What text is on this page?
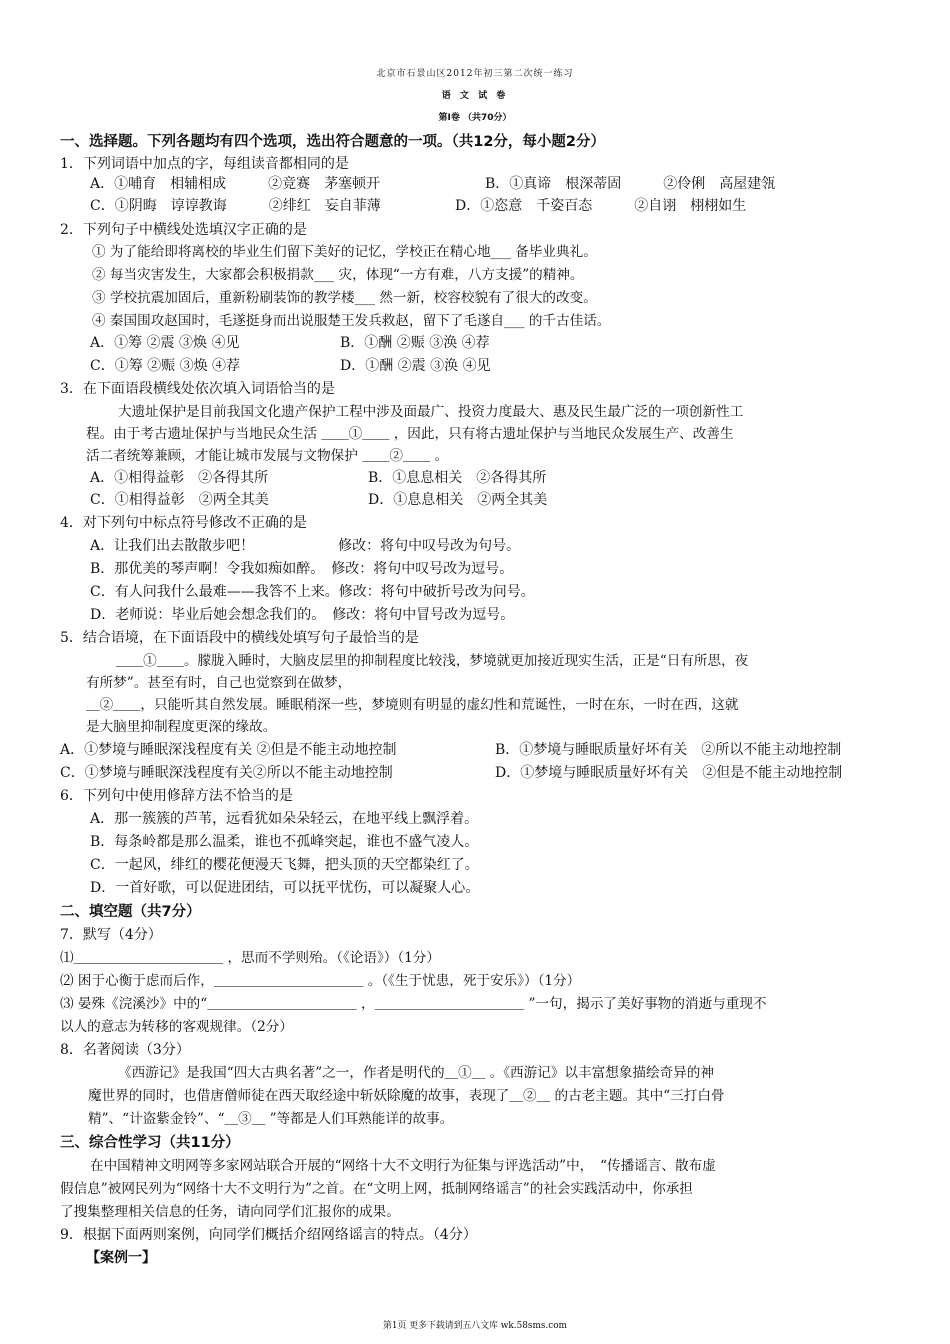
北京市石景山区2012年初三第二次统一练习
语 文 试 卷
第Ⅰ卷 （共70分）
一、选择题。下列各题均有四个选项，选出符合题意的一项。（共12分，每小题2分）
1．下列词语中加点的字，每组读音都相同的是
A．①哺育　相辅相成　　　②竞赛　茅塞顿开	B．①真谛　根深蒂固　　　②伶俐　高屋建瓴
C．①阴晦　谆谆教诲　　　②绯红　妄自菲薄	D．①恣意　千姿百态　　　②自诩　栩栩如生
2．下列句子中横线处选填汉字正确的是
① 为了能给即将离校的毕业生们留下美好的记忆，学校正在精心地___ 备毕业典礼。
② 每当灾害发生，大家都会积极捐款___ 灾，体现“一方有难，八方支援”的精神。
③ 学校抗震加固后，重新粉刷装饰的教学楼___ 然一新，校容校貌有了很大的改变。
④ 秦国围攻赵国时，毛遂挺身而出说服楚王发兵救赵，留下了毛遂自___ 的千古佳话。
A．①筹 ②震 ③焕 ④见	B．①酬 ②赈 ③涣 ④荐
C．①筹 ②赈 ③焕 ④荐	D．①酬 ②震 ③涣 ④见
3．在下面语段横线处依次填入词语恰当的是
大遗址保护是目前我国文化遗产保护工程中涉及面最广、投资力度最大、惠及民生最广泛的一项创新性工
程。由于考古遗址保护与当地民众生活 ＿＿①＿＿ ，因此，只有将古遗址保护与当地民众发展生产、改善生
活二者统筹兼顾，才能让城市发展与文物保护 ＿＿②＿＿ 。
A．①相得益彰　②各得其所	B．①息息相关　②各得其所
C．①相得益彰　②两全其美	D．①息息相关　②两全其美
4．对下列句中标点符号修改不正确的是
A．让我们出去散散步吧！　　　　　　修改：将句中叹号改为句号。
B．那优美的琴声啊！令我如痴如醉。　修改：将句中叹号改为逗号。
C．有人问我什么最难——我答不上来。修改：将句中破折号改为问号。
D．老师说：毕业后她会想念我们的。　修改：将句中冒号改为逗号。
5．结合语境，在下面语段中的横线处填写句子最恰当的是
＿＿①＿＿。朦胧入睡时，大脑皮层里的抑制程度比较浅，梦境就更加接近现实生活，正是“日有所思，夜
有所梦”。甚至有时，自己也觉察到在做梦，
＿②＿＿，只能听其自然发展。睡眠稍深一些，梦境则有明显的虚幻性和荒诞性，一时在东，一时在西，这就
是大脑里抑制程度更深的缘故。
A．①梦境与睡眠深浅程度有关 ②但是不能主动地控制	B．①梦境与睡眠质量好坏有关　②所以不能主动地控制
C．①梦境与睡眠深浅程度有关②所以不能主动地控制	D．①梦境与睡眠质量好坏有关　②但是不能主动地控制
6．下列句中使用修辞方法不恰当的是
A．那一簇簇的芦苇，远看犹如朵朵轻云，在地平线上飘浮着。
B．每条岭都是那么温柔，谁也不孤峰突起，谁也不盛气凌人。
C．一起风，绯红的樱花便漫天飞舞，把头顶的天空都染红了。
D．一首好歌，可以促进团结，可以抚平忧伤，可以凝聚人心。
二、填空题（共7分）
7．默写（4分）
⑴＿＿＿＿＿＿＿＿＿＿＿ ，思而不学则殆。（《论语》）（1分）
⑵ 困于心衡于虑而后作，＿＿＿＿＿＿＿＿＿＿＿ 。（《生于忧患，死于安乐》）（1分）
⑶ 晏殊《浣溪沙》中的“＿＿＿＿＿＿＿＿＿＿＿ ，＿＿＿＿＿＿＿＿＿＿＿ ”一句，揭示了美好事物的消逝与重现不
以人的意志为转移的客观规律。（2分）
8．名著阅读（3分）
《西游记》是我国“四大古典名著”之一，作者是明代的＿①＿ 。《西游记》以丰富想象描绘奇异的神
魔世界的同时，也借唐僧师徒在西天取经途中斩妖除魔的故事，表现了＿②＿ 的古老主题。其中“三打白骨
精”、“计盗紫金铃”、“＿③＿ ”等都是人们耳熟能详的故事。
三、综合性学习（共11分）
在中国精神文明网等多家网站联合开展的“网络十大不文明行为征集与评选活动”中，　“传播谣言、散布虚
假信息”被网民列为“网络十大不文明行为”之首。在“文明上网，抵制网络谣言”的社会实践活动中，你承担
了搜集整理相关信息的任务，请向同学们汇报你的成果。
9．根据下面两则案例，向同学们概括介绍网络谣言的特点。（4分）
【案例一】
第1页 更多下载请到五八文库 wk.58sms.com
